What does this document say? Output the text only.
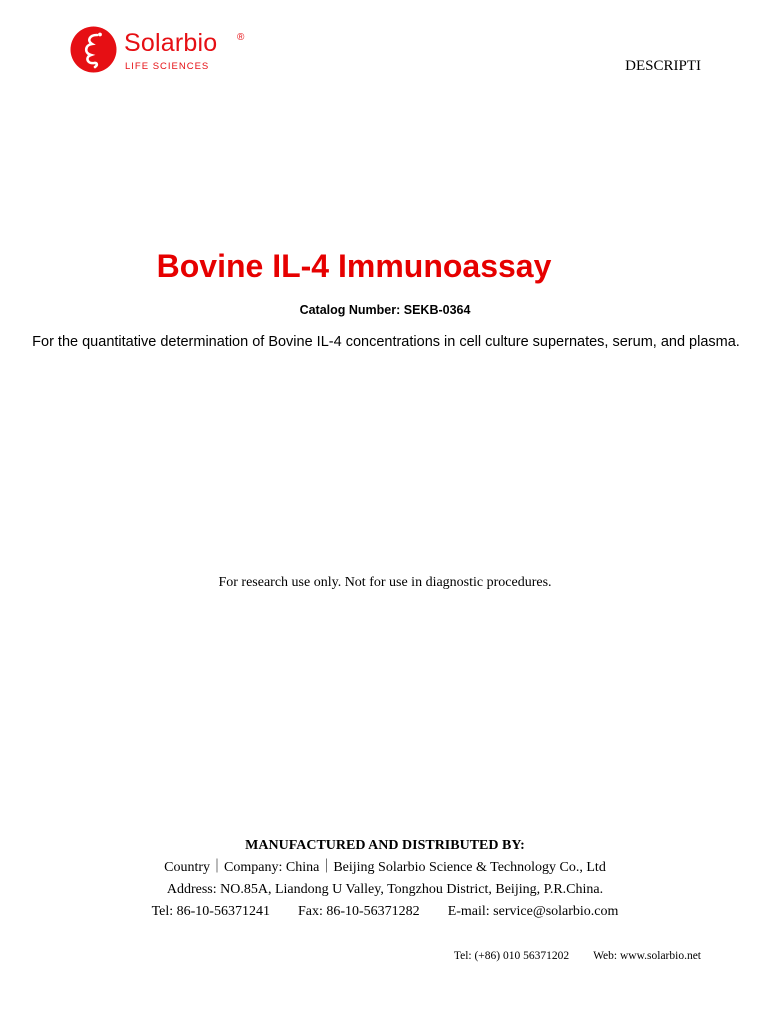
Solarbio ®
LIFE SCIENCES	DESCRIPTI
Bovine IL-4 Immunoassay
Catalog Number: SEKB-0364
For the quantitative determination of Bovine IL-4 concentrations in cell culture supernates, serum, and plasma.
For research use only. Not for use in diagnostic procedures.
MANUFACTURED AND DISTRIBUTED BY:
Country｜Company: China｜Beijing Solarbio Science & Technology Co., Ltd
Address: NO.85A, Liandong U Valley, Tongzhou District, Beijing, P.R.China.
Tel: 86-10-56371241 Fax: 86-10-56371282 E-mail: service@solarbio.com
Tel: (+86) 010 56371202 Web: www.solarbio.net
